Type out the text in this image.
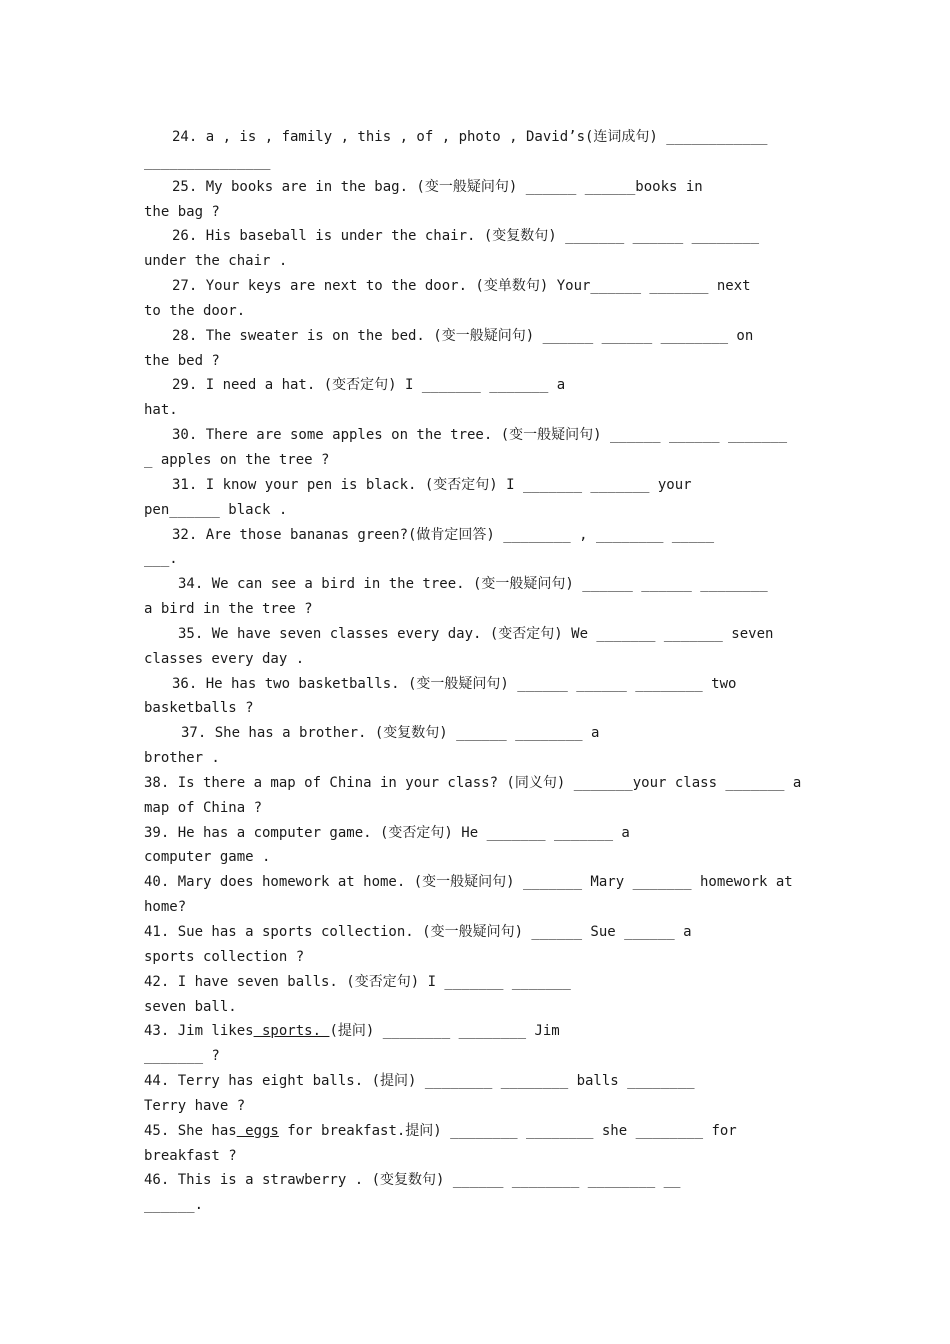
24. a , is , family , this , of , photo , David’s(连词成句) ____________
_______________

25. My books are in the bag. (变一般疑问句) ______ ______books in
the bag ?

26. His baseball is under the chair. (变复数句) _______ ______ ________
under the chair .

27. Your keys are next to the door. (变单数句) Your______ _______ next
to the door.

28. The sweater is on the bed. (变一般疑问句) ______ ______ ________ on
the bed ?

29. I need a hat. (变否定句) I _______ _______ a
hat.

30. There are some apples on the tree. (变一般疑问句) ______ ______ _______
_ apples on the tree ?

31. I know your pen is black. (变否定句) I _______ _______ your
pen______ black .

32. Are those bananas green?(做肯定回答) ________ , ________ _____
___.

34. We can see a bird in the tree. (变一般疑问句) ______ ______ ________
a bird in the tree ?

35. We have seven classes every day. (变否定句) We _______ _______ seven
classes every day .

36. He has two basketballs. (变一般疑问句) ______ ______ ________ two
basketballs ?

37. She has a brother. (变复数句) ______ ________ a
brother .

38. Is there a map of China in your class? (同义句) _______your class _______ a
map of China ?

39. He has a computer game. (变否定句) He _______ _______ a
computer game .

40. Mary does homework at home. (变一般疑问句) _______ Mary _______ homework at
home?

41. Sue has a sports collection. (变一般疑问句) ______ Sue ______ a
sports collection ?

42. I have seven balls. (变否定句) I _______ _______
seven ball.

43. Jim likes sports. (提问) ________ ________ Jim
_______ ?

44. Terry has eight balls. (提问) ________ ________ balls ________
Terry have ?

45. She has eggs for breakfast.提问) ________ ________ she ________ for
breakfast ?

46. This is a strawberry . (变复数句) ______ ________ ________ __
______.
